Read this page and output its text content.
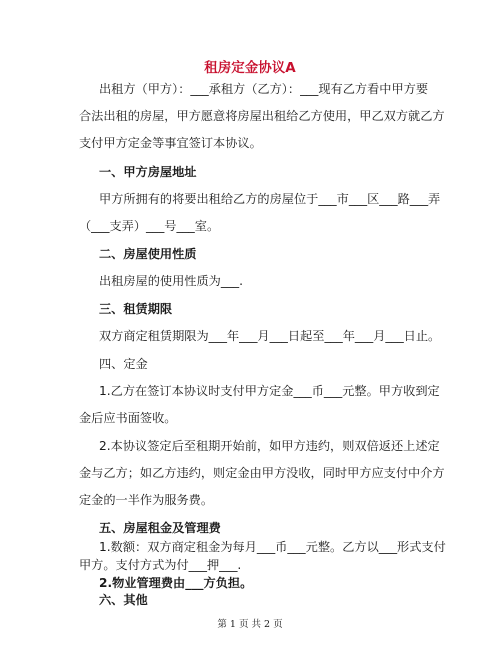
租房定金协议A
出租方（甲方）：___承租方（乙方）：___现有乙方看中甲方要
合法出租的房屋，甲方愿意将房屋出租给乙方使用，甲乙双方就乙方
支付甲方定金等事宜签订本协议。
一、甲方房屋地址
甲方所拥有的将要出租给乙方的房屋位于___市___区___路___弄
（___支弄）___号___室。
二、房屋使用性质
出租房屋的使用性质为___.
三、租赁期限
双方商定租赁期限为___年___月___日起至___年___月___日止。
四、定金
1.乙方在签订本协议时支付甲方定金___币___元整。甲方收到定
金后应书面签收。
2.本协议签定后至租期开始前，如甲方违约，则双倍返还上述定
金与乙方；如乙方违约，则定金由甲方没收，同时甲方应支付中介方
定金的一半作为服务费。
五、房屋租金及管理费
1.数额：双方商定租金为每月___币___元整。乙方以___形式支付
甲方。支付方式为付___押___.
第 1 页 共 2 页
2.物业管理费由___方负担。
六、其他
